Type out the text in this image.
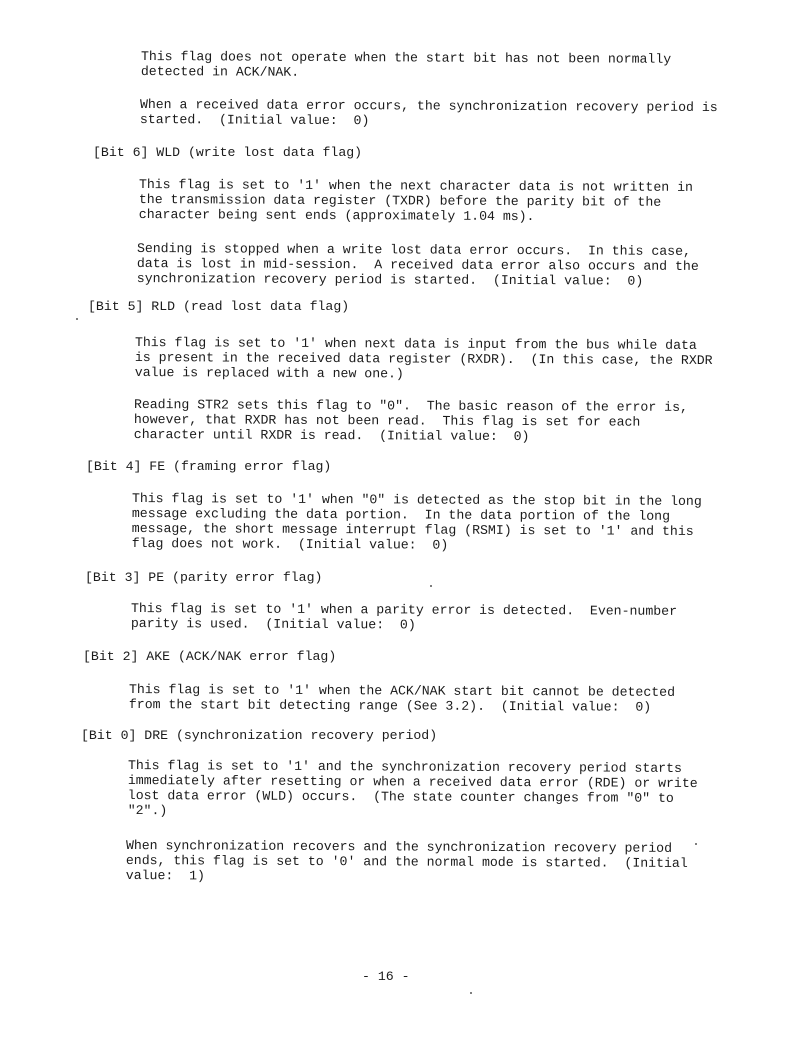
This flag does not operate when the start bit has not been normally
detected in ACK/NAK.
When a received data error occurs, the synchronization recovery period is
started.  (Initial value:  0)

[Bit 6] WLD (write lost data flag)

This flag is set to '1' when the next character data is not written in
the transmission data register (TXDR) before the parity bit of the
character being sent ends (approximately 1.04 ms).
Sending is stopped when a write lost data error occurs.  In this case,
data is lost in mid-session.  A received data error also occurs and the
synchronization recovery period is started.  (Initial value:  0)

[Bit 5] RLD (read lost data flag)

This flag is set to '1' when next data is input from the bus while data
is present in the received data register (RXDR).  (In this case, the RXDR
value is replaced with a new one.)
Reading STR2 sets this flag to "0".  The basic reason of the error is,
however, that RXDR has not been read.  This flag is set for each
character until RXDR is read.  (Initial value:  0)

[Bit 4] FE (framing error flag)

This flag is set to '1' when "0" is detected as the stop bit in the long
message excluding the data portion.  In the data portion of the long
message, the short message interrupt flag (RSMI) is set to '1' and this
flag does not work.  (Initial value:  0)

[Bit 3] PE (parity error flag)

This flag is set to '1' when a parity error is detected.  Even-number
parity is used.  (Initial value:  0)

[Bit 2] AKE (ACK/NAK error flag)

This flag is set to '1' when the ACK/NAK start bit cannot be detected
from the start bit detecting range (See 3.2).  (Initial value:  0)

[Bit 0] DRE (synchronization recovery period)

This flag is set to '1' and the synchronization recovery period starts
immediately after resetting or when a received data error (RDE) or write
lost data error (WLD) occurs.  (The state counter changes from "0" to
"2".)
When synchronization recovers and the synchronization recovery period
ends, this flag is set to '0' and the normal mode is started.  (Initial
value:  1)

- 16 -
